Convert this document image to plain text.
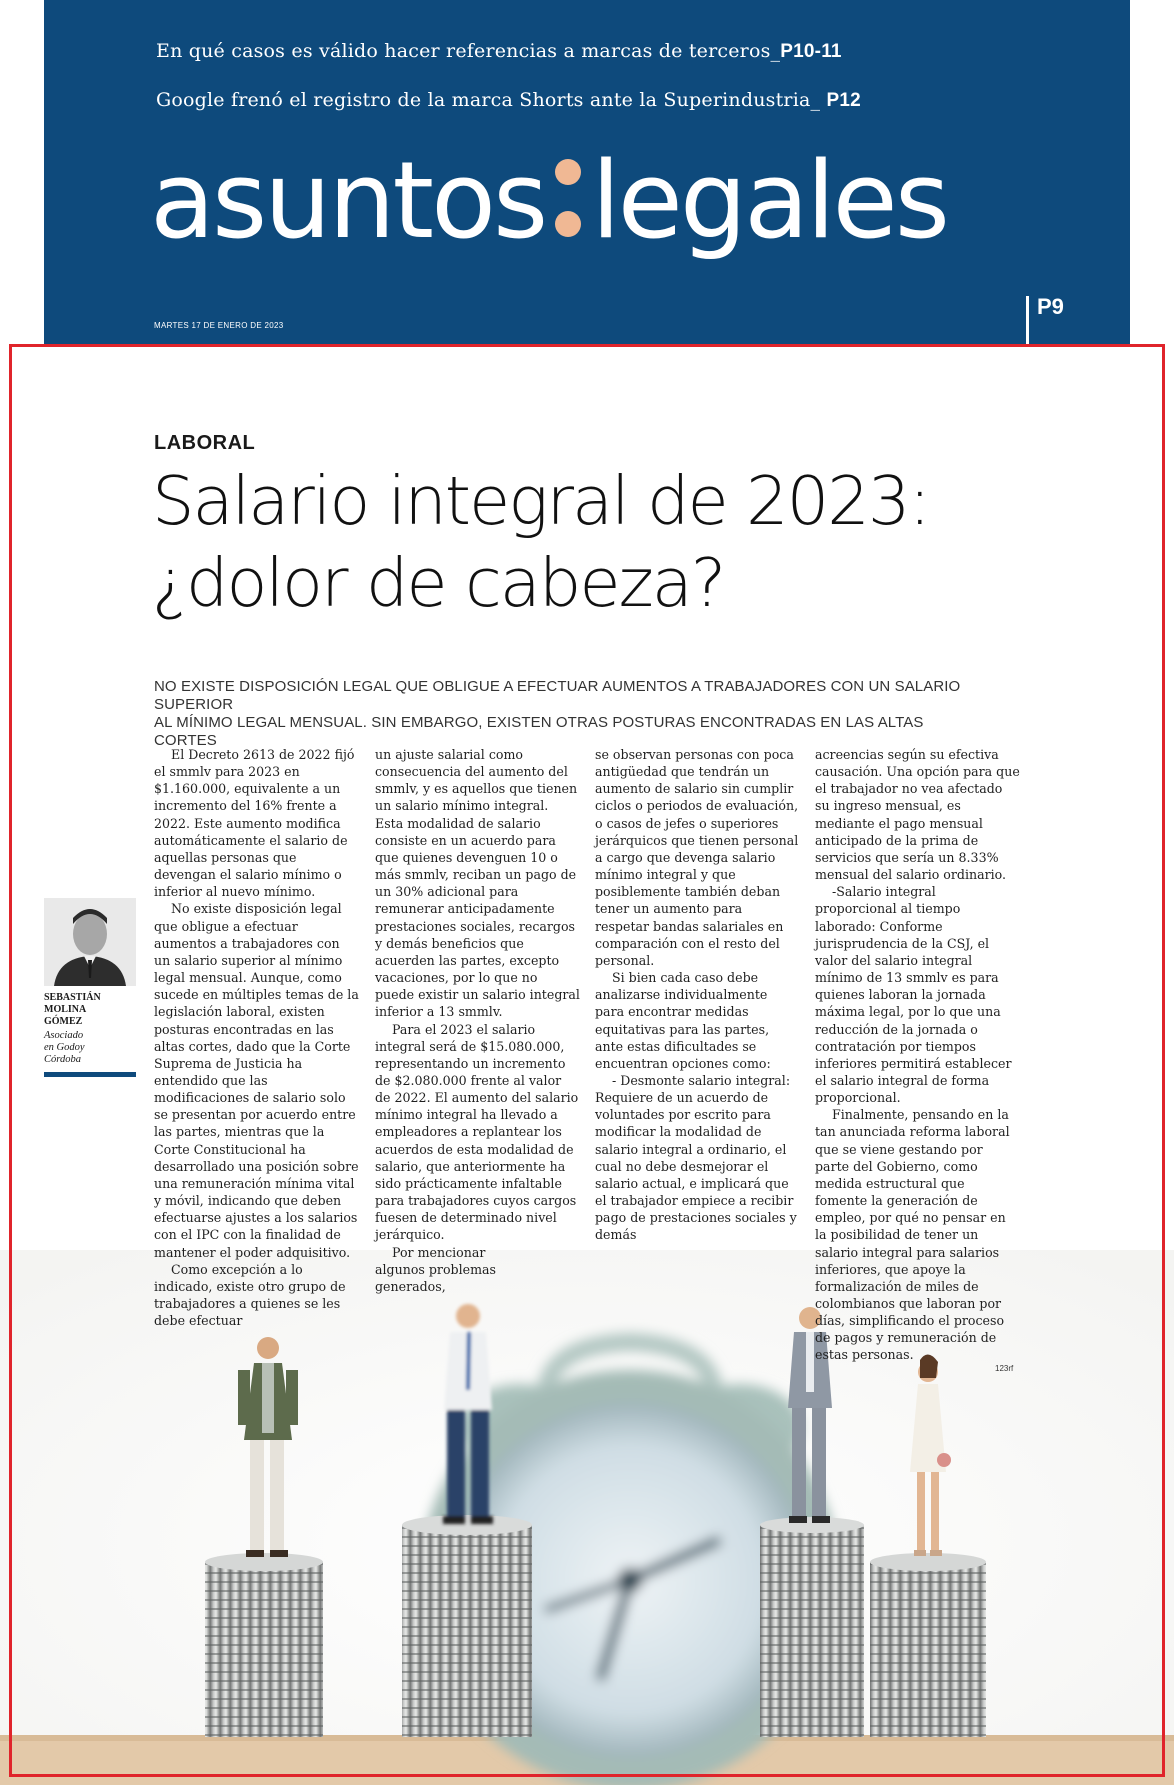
En qué casos es válido hacer referencias a marcas de terceros_P10-11
Google frenó el registro de la marca Shorts ante la Superindustria_ P12
asuntos legales
MARTES 17 DE ENERO DE 2023
P9
LABORAL
Salario integral de 2023:
¿dolor de cabeza?
NO EXISTE DISPOSICIÓN LEGAL QUE OBLIGUE A EFECTUAR AUMENTOS A TRABAJADORES CON UN SALARIO SUPERIOR
AL MÍNIMO LEGAL MENSUAL. SIN EMBARGO, EXISTEN OTRAS POSTURAS ENCONTRADAS EN LAS ALTAS CORTES
SEBASTIÁN
MOLINA
GÓMEZ
Asociado
en Godoy
Córdoba

El Decreto 2613 de 2022 fijó el smmlv para 2023 en $1.160.000, equivalente a un incremento del 16% frente a 2022. Este aumento modifica automáticamente el salario de aquellas personas que devengan el salario mínimo o inferior al nuevo mínimo.

No existe disposición legal que obligue a efectuar aumentos a trabajadores con un salario superior al mínimo legal mensual. Aunque, como sucede en múltiples temas de la legislación laboral, existen posturas encontradas en las altas cortes, dado que la Corte Suprema de Justicia ha entendido que las modificaciones de salario solo se presentan por acuerdo entre las partes, mientras que la Corte Constitucional ha desarrollado una posición sobre una remuneración mínima vital y móvil, indicando que deben efectuarse ajustes a los salarios con el IPC con la finalidad de mantener el poder adquisitivo.

Como excepción a lo indicado, existe otro grupo de trabajadores a quienes se les debe efectuar

un ajuste salarial como consecuencia del aumento del smmlv, y es aquellos que tienen un salario mínimo integral. Esta modalidad de salario consiste en un acuerdo para que quienes devenguen 10 o más smmlv, reciban un pago de un 30% adicional para remunerar anticipadamente prestaciones sociales, recargos y demás beneficios que acuerden las partes, excepto vacaciones, por lo que no puede existir un salario integral inferior a 13 smmlv.

Para el 2023 el salario integral será de $15.080.000, representando un incremento de $2.080.000 frente al valor de 2022. El aumento del salario mínimo integral ha llevado a empleadores a replantear los acuerdos de esta modalidad de salario, que anteriormente ha sido prácticamente infaltable para trabajadores cuyos cargos fuesen de determinado nivel jerárquico.

Por mencionar algunos problemas generados,

se observan personas con poca antigüedad que tendrán un aumento de salario sin cumplir ciclos o periodos de evaluación, o casos de jefes o superiores jerárquicos que tienen personal a cargo que devenga salario mínimo integral y que posiblemente también deban tener un aumento para respetar bandas salariales en comparación con el resto del personal.

Si bien cada caso debe analizarse individualmente para encontrar medidas equitativas para las partes, ante estas dificultades se encuentran opciones como:

- Desmonte salario integral: Requiere de un acuerdo de voluntades por escrito para modificar la modalidad de salario integral a ordinario, el cual no debe desmejorar el salario actual, e implicará que el trabajador empiece a recibir pago de prestaciones sociales y demás

acreencias según su efectiva causación. Una opción para que el trabajador no vea afectado su ingreso mensual, es mediante el pago mensual anticipado de la prima de servicios que sería un 8.33% mensual del salario ordinario.

-Salario integral proporcional al tiempo laborado: Conforme jurisprudencia de la CSJ, el valor del salario integral mínimo de 13 smmlv es para quienes laboran la jornada máxima legal, por lo que una reducción de la jornada o contratación por tiempos inferiores permitirá establecer el salario integral de forma proporcional.

Finalmente, pensando en la tan anunciada reforma laboral que se viene gestando por parte del Gobierno, como medida estructural que fomente la generación de empleo, por qué no pensar en la posibilidad de tener un salario integral para salarios inferiores, que apoye la formalización de miles de colombianos que laboran por días, simplificando el proceso de pagos y remuneración de estas personas.

123rf
